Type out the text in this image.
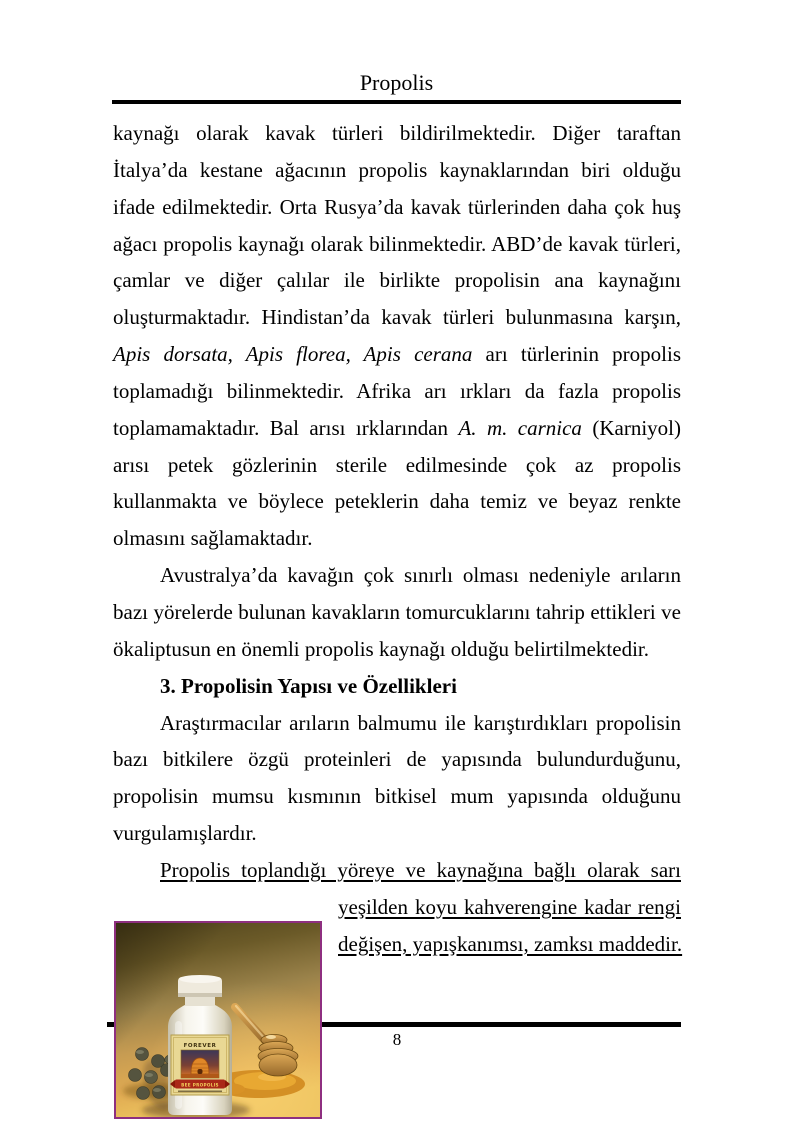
Propolis

kaynağı olarak kavak türleri bildirilmektedir. Diğer taraftan İtalya’da kestane ağacının propolis kaynaklarından biri olduğu ifade edilmektedir. Orta Rusya’da kavak türlerinden daha çok huş ağacı propolis kaynağı olarak bilinmektedir. ABD’de kavak türleri, çamlar ve diğer çalılar ile birlikte propolisin ana kaynağını oluşturmaktadır. Hindistan’da kavak türleri bulunmasına karşın, Apis dorsata, Apis florea, Apis cerana arı türlerinin propolis toplamadığı bilinmektedir. Afrika arı ırkları da fazla propolis toplamamaktadır. Bal arısı ırklarından A. m. carnica (Karniyol) arısı petek gözlerinin sterile edilmesinde çok az propolis kullanmakta ve böylece peteklerin daha temiz ve beyaz renkte olmasını sağlamaktadır.

Avustralya’da kavağın çok sınırlı olması nedeniyle arıların bazı yörelerde bulunan kavakların tomurcuklarını tahrip ettikleri ve ökaliptusun en önemli propolis kaynağı olduğu belirtilmektedir.

3. Propolisin Yapısı ve Özellikleri

Araştırmacılar arıların balmumu ile karıştırdıkları propolisin bazı bitkilere özgü proteinleri de yapısında bulundurduğunu, propolisin mumsu kısmının bitkisel mum yapısında olduğunu vurgulamışlardır.

Propolis toplandığı yöreye ve kaynağına bağlı olarak sarı
yeşilden koyu kahverengine kadar rengi
değişen, yapışkanımsı, zamksı maddedir.
FOREVER
BEE PROPOLIS
8
